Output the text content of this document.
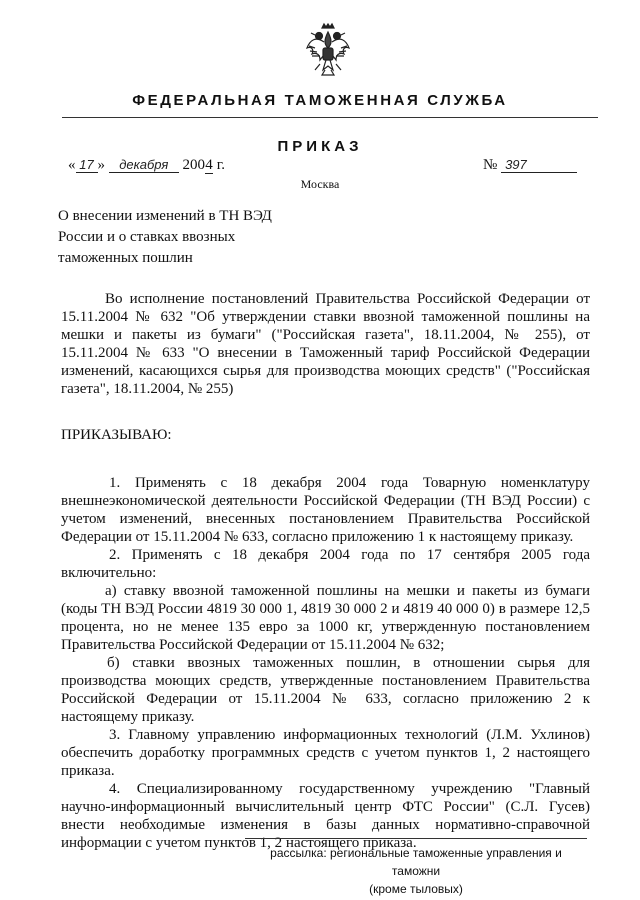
ФЕДЕРАЛЬНАЯ ТАМОЖЕННАЯ СЛУЖБА
ПРИКАЗ
« 17 » декабря 2004 г.	№ 397
Москва
О внесении изменений в ТН ВЭД России и о ставках ввозных таможенных пошлин
Во исполнение постановлений Правительства Российской Федерации от 15.11.2004 № 632 "Об утверждении ставки ввозной таможенной пошлины на мешки и пакеты из бумаги" ("Российская газета", 18.11.2004, № 255), от 15.11.2004 № 633 "О внесении в Таможенный тариф Российской Федерации изменений, касающихся сырья для производства моющих средств" ("Российская газета", 18.11.2004, № 255)
ПРИКАЗЫВАЮ:

1. Применять с 18 декабря 2004 года Товарную номенклатуру внешнеэкономической деятельности Российской Федерации (ТН ВЭД России) с учетом изменений, внесенных постановлением Правительства Российской Федерации от 15.11.2004 № 633, согласно приложению 1 к настоящему приказу.

2. Применять с 18 декабря 2004 года по 17 сентября 2005 года включительно:

а) ставку ввозной таможенной пошлины на мешки и пакеты из бумаги (коды ТН ВЭД России 4819 30 000 1, 4819 30 000 2 и 4819 40 000 0) в размере 12,5 процента, но не менее 135 евро за 1000 кг, утвержденную постановлением Правительства Российской Федерации от 15.11.2004 № 632;

б) ставки ввозных таможенных пошлин, в отношении сырья для производства моющих средств, утвержденные постановлением Правительства Российской Федерации от 15.11.2004 № 633, согласно приложению 2 к настоящему приказу.

3. Главному управлению информационных технологий (Л.М. Ухлинов) обеспечить доработку программных средств с учетом пунктов 1, 2 настоящего приказа.

4. Специализированному государственному учреждению "Главный научно-информационный вычислительный центр ФТС России" (С.Л. Гусев) внести необходимые изменения в базы данных нормативно-справочной информации с учетом пунктов 1, 2 настоящего приказа.

рассылка: региональные таможенные управления и таможни
(кроме тыловых)
